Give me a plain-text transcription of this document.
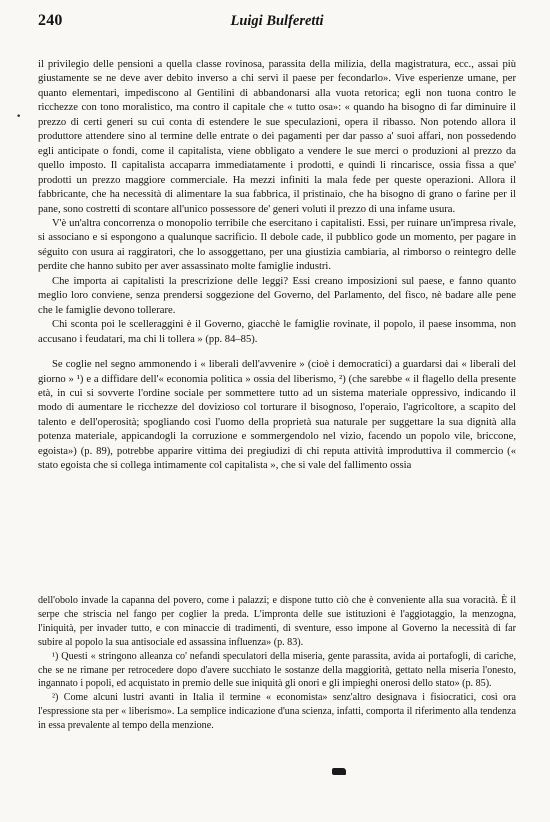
240	Luigi Bulferetti
•

il privilegio delle pensioni a quella classe rovinosa, parassita della milizia, della magistratura, ecc., assai più giustamente se ne deve aver debito inverso a chi servì il paese per fecondarlo». Vive esperienze umane, per quanto elementari, impediscono al Gentilini di abbandonarsi alla vuota retorica; egli non tuona contro le ricchezze con tono moralistico, ma contro il capitale che « tutto osa»: « quando ha bisogno di far diminuire il prezzo di certi generi su cui conta di estendere le sue speculazioni, opera il ribasso. Non potendo allora il produttore attendere sino al termine delle entrate o dei pagamenti per dar passo a' suoi affari, non possedendo egli anticipate o fondi, come il capitalista, viene obbligato a vendere le sue merci o produzioni al prezzo da quello imposto. Il capitalista accaparra immediatamente i prodotti, e quindi li rincarisce, ossia fissa a que' prodotti un prezzo maggiore commerciale. Ha mezzi infiniti la mala fede per queste operazioni. Allora il fabbricante, che ha necessità di alimentare la sua fabbrica, il pristinaio, che ha bisogno di grano o farine per il pane, sono costretti di scontare all'unico possessore de' generi voluti il prezzo di una infame usura.

V'è un'altra concorrenza o monopolio terribile che esercitano i capitalisti. Essi, per ruinare un'impresa rivale, si associano e si espongono a qualunque sacrificio. Il debole cade, il pubblico gode un momento, per pagare in séguito con usura ai raggiratori, che lo assoggettano, per una giustizia cambiaria, al rimborso o reintegro delle perdite che hanno subito per aver assassinato molte famiglie industri.

Che importa ai capitalisti la prescrizione delle leggi? Essi creano imposizioni sul paese, e fanno quanto meglio loro conviene, senza prendersi soggezione del Governo, del Parlamento, del fisco, nè badare alle pene che le famiglie devono tollerare.

Chi sconta poi le scelleraggini è il Governo, giacchè le famiglie rovinate, il popolo, il paese insomma, non accusano i feudatari, ma chi li tollera » (pp. 84–85).

Se coglie nel segno ammonendo i « liberali dell'avvenire » (cioè i democratici) a guardarsi dai « liberali del giorno » ¹) e a diffidare dell'« economia politica » ossia del liberismo, ²) (che sarebbe « il flagello della presente età, in cui si sovverte l'ordine sociale per sommettere tutto ad un sistema materiale oppressivo, indicando il modo di aumentare le ricchezze del dovizioso col torturare il bisognoso, l'operaio, l'agricoltore, a scapito del talento e dell'operosità; spogliando così l'uomo della proprietà sua naturale per suggettare la sua dignità alla potenza materiale, appicandogli la corruzione e sommergendolo nel vizio, facendo un popolo vile, briccone, egoista») (p. 89), potrebbe apparire vittima dei pregiudizi di chi reputa attività improduttiva il commercio (« stato egoista che si collega intimamente col capitalista », che si vale del fallimento ossia

dell'obolo invade la capanna del povero, come i palazzi; e dispone tutto ciò che è conveniente alla sua voracità. È il serpe che striscia nel fango per coglier la preda. L'impronta delle sue istituzioni è l'aggiotaggio, la menzogna, l'iniquità, per invader tutto, e con minaccie di tradimenti, di sventure, esso impone al Governo la necessità di far subire al popolo la sua antisociale ed assassina influenza» (p. 83).

¹) Questi « stringono alleanza co' nefandi speculatori della miseria, gente parassita, avida ai portafogli, di cariche, che se ne rimane per retrocedere dopo d'avere succhiato le sostanze della maggiorità, gettato nella miseria l'onesto, ingannato i popoli, ed acquistato in premio delle sue iniquità gli onori e gli impieghi onerosi dello stato» (p. 85).

²) Come alcuni lustri avanti in Italia il termine « economista» senz'altro designava i fisiocratici, così ora l'espressione sta per « liberismo». La semplice indicazione d'una scienza, infatti, comporta il riferimento alla tendenza in essa prevalente al tempo della menzione.
